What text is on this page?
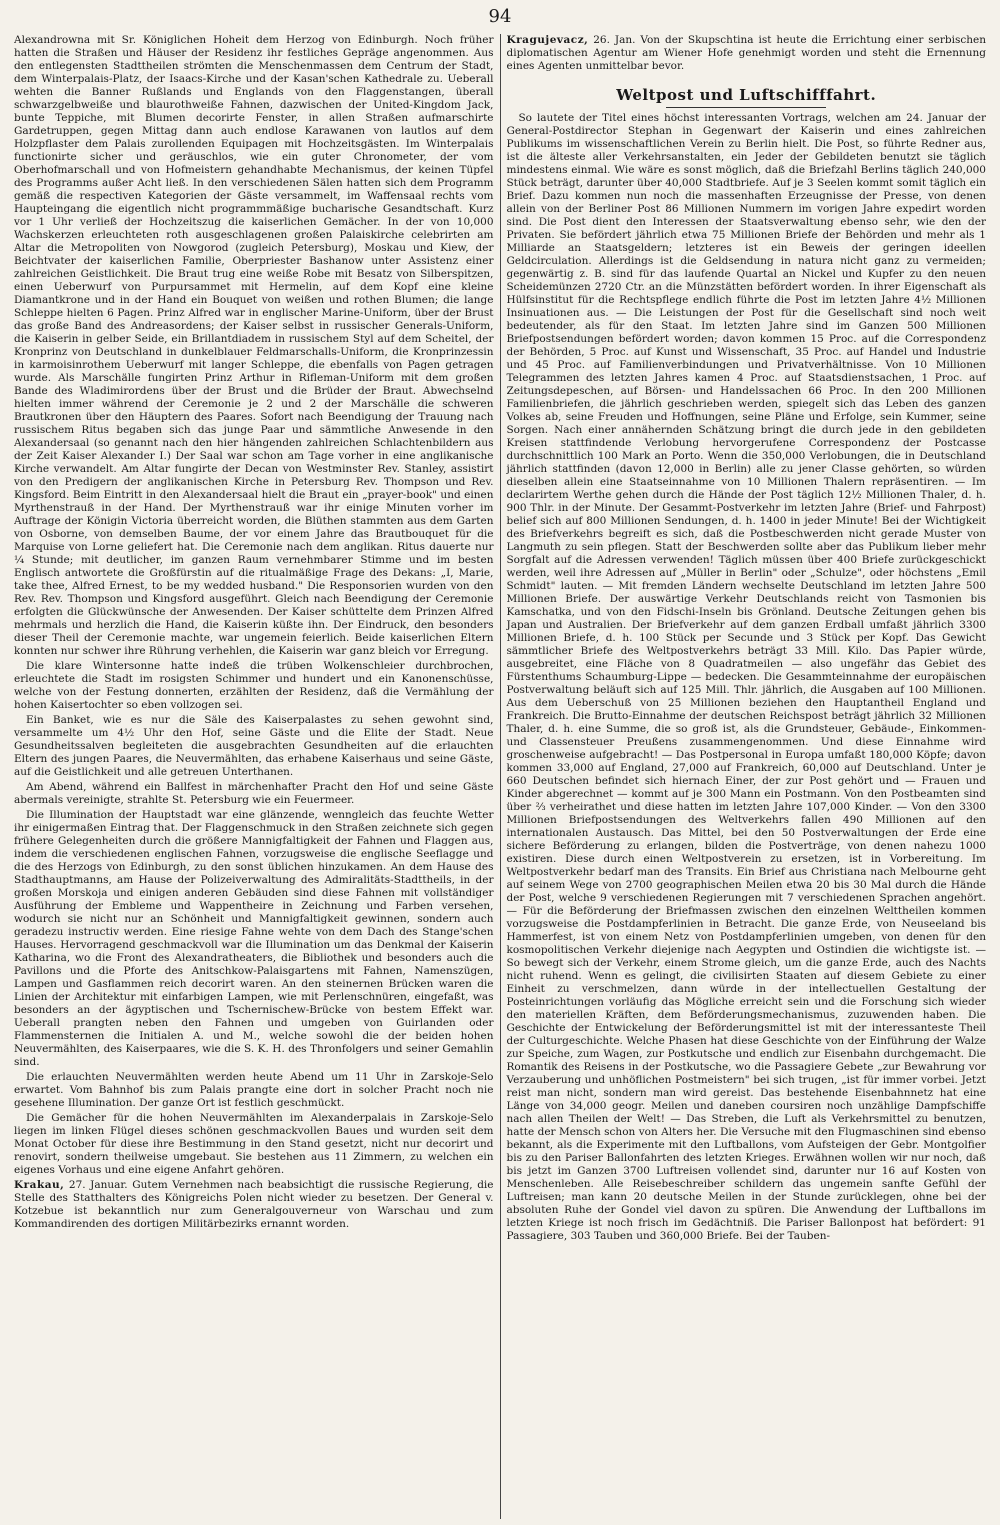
94

Alexandrowna mit Sr. Königlichen Hoheit dem Herzog von Edinburgh. Noch früher hatten die Straßen und Häuser der Residenz ihr festliches Gepräge angenommen. Aus den entlegensten Stadttheilen strömten die Menschenmassen dem Centrum der Stadt, dem Winterpalais-Platz, der Isaacs-Kirche und der Kasan'schen Kathedrale zu. Ueberall wehten die Banner Rußlands und Englands von den Flaggenstangen, überall schwarzgelbweiße und blaurothweiße Fahnen, dazwischen der United-Kingdom Jack, bunte Teppiche, mit Blumen decorirte Fenster, in allen Straßen aufmarschirte Gardetruppen, gegen Mittag dann auch endlose Karawanen von lautlos auf dem Holzpflaster dem Palais zurollenden Equipagen mit Hochzeitsgästen. Im Winterpalais functionirte sicher und geräuschlos, wie ein guter Chronometer, der vom Oberhofmarschall und von Hofmeistern gehandhabte Mechanismus, der keinen Tüpfel des Programms außer Acht ließ. In den verschiedenen Sälen hatten sich dem Programm gemäß die respectiven Kategorien der Gäste versammelt, im Waffensaal rechts vom Haupteingang die eigentlich nicht programmmäßige bucharische Gesandtschaft. Kurz vor 1 Uhr verließ der Hochzeitszug die kaiserlichen Gemächer. In der von 10,000 Wachskerzen erleuchteten roth ausgeschlagenen großen Palaiskirche celebrirten am Altar die Metropoliten von Nowgorod (zugleich Petersburg), Moskau und Kiew, der Beichtvater der kaiserlichen Familie, Oberpriester Bashanow unter Assistenz einer zahlreichen Geistlichkeit. Die Braut trug eine weiße Robe mit Besatz von Silberspitzen, einen Ueberwurf von Purpursammet mit Hermelin, auf dem Kopf eine kleine Diamantkrone und in der Hand ein Bouquet von weißen und rothen Blumen; die lange Schleppe hielten 6 Pagen. Prinz Alfred war in englischer Marine-Uniform, über der Brust das große Band des Andreasordens; der Kaiser selbst in russischer Generals-Uniform, die Kaiserin in gelber Seide, ein Brillantdiadem in russischem Styl auf dem Scheitel, der Kronprinz von Deutschland in dunkelblauer Feldmarschalls-Uniform, die Kronprinzessin in karmoisinrothem Ueberwurf mit langer Schleppe, die ebenfalls von Pagen getragen wurde. Als Marschälle fungirten Prinz Arthur in Rifleman-Uniform mit dem großen Bande des Wladimirordens über der Brust und die Brüder der Braut. Abwechselnd hielten immer während der Ceremonie je 2 und 2 der Marschälle die schweren Brautkronen über den Häuptern des Paares. Sofort nach Beendigung der Trauung nach russischem Ritus begaben sich das junge Paar und sämmtliche Anwesende in den Alexandersaal (so genannt nach den hier hängenden zahlreichen Schlachtenbildern aus der Zeit Kaiser Alexander I.) Der Saal war schon am Tage vorher in eine anglikanische Kirche verwandelt. Am Altar fungirte der Decan von Westminster Rev. Stanley, assistirt von den Predigern der anglikanischen Kirche in Petersburg Rev. Thompson und Rev. Kingsford. Beim Eintritt in den Alexandersaal hielt die Braut ein „prayer-book" und einen Myrthenstrauß in der Hand. Der Myrthenstrauß war ihr einige Minuten vorher im Auftrage der Königin Victoria überreicht worden, die Blüthen stammten aus dem Garten von Osborne, von demselben Baume, der vor einem Jahre das Brautbouquet für die Marquise von Lorne geliefert hat. Die Ceremonie nach dem anglikan. Ritus dauerte nur ¼ Stunde; mit deutlicher, im ganzen Raum vernehmbarer Stimme und im besten Englisch antwortete die Großfürstin auf die ritualmäßige Frage des Dekans: „I, Marie, take thee, Alfred Ernest, to be my wedded husband." Die Responsorien wurden von den Rev. Rev. Thompson und Kingsford ausgeführt. Gleich nach Beendigung der Ceremonie erfolgten die Glückwünsche der Anwesenden. Der Kaiser schüttelte dem Prinzen Alfred mehrmals und herzlich die Hand, die Kaiserin küßte ihn. Der Eindruck, den besonders dieser Theil der Ceremonie machte, war ungemein feierlich. Beide kaiserlichen Eltern konnten nur schwer ihre Rührung verhehlen, die Kaiserin war ganz bleich vor Erregung.

Die klare Wintersonne hatte indeß die trüben Wolkenschleier durchbrochen, erleuchtete die Stadt im rosigsten Schimmer und hundert und ein Kanonenschüsse, welche von der Festung donnerten, erzählten der Residenz, daß die Vermählung der hohen Kaisertochter so eben vollzogen sei.

Ein Banket, wie es nur die Säle des Kaiserpalastes zu sehen gewohnt sind, versammelte um 4½ Uhr den Hof, seine Gäste und die Elite der Stadt. Neue Gesundheitssalven begleiteten die ausgebrachten Gesundheiten auf die erlauchten Eltern des jungen Paares, die Neuvermählten, das erhabene Kaiserhaus und seine Gäste, auf die Geistlichkeit und alle getreuen Unterthanen.

Am Abend, während ein Ballfest in märchenhafter Pracht den Hof und seine Gäste abermals vereinigte, strahlte St. Petersburg wie ein Feuermeer.

Die Illumination der Hauptstadt war eine glänzende, wenngleich das feuchte Wetter ihr einigermaßen Eintrag that. Der Flaggenschmuck in den Straßen zeichnete sich gegen frühere Gelegenheiten durch die größere Mannigfaltigkeit der Fahnen und Flaggen aus, indem die verschiedenen englischen Fahnen, vorzugsweise die englische Seeflagge und die des Herzogs von Edinburgh, zu den sonst üblichen hinzukamen. An dem Hause des Stadthauptmanns, am Hause der Polizeiverwaltung des Admiralitäts-Stadttheils, in der großen Morskoja und einigen anderen Gebäuden sind diese Fahnen mit vollständiger Ausführung der Embleme und Wappentheire in Zeichnung und Farben versehen, wodurch sie nicht nur an Schönheit und Mannigfaltigkeit gewinnen, sondern auch geradezu instructiv werden. Eine riesige Fahne wehte von dem Dach des Stange'schen Hauses. Hervorragend geschmackvoll war die Illumination um das Denkmal der Kaiserin Katharina, wo die Front des Alexandratheaters, die Bibliothek und besonders auch die Pavillons und die Pforte des Anitschkow-Palaisgartens mit Fahnen, Namenszügen, Lampen und Gasflammen reich decorirt waren. An den steinernen Brücken waren die Linien der Architektur mit einfarbigen Lampen, wie mit Perlenschnüren, eingefaßt, was besonders an der ägyptischen und Tschernischew-Brücke von bestem Effekt war. Ueberall prangten neben den Fahnen und umgeben von Guirlanden oder Flammensternen die Initialen A. und M., welche sowohl die der beiden hohen Neuvermählten, des Kaiserpaares, wie die S. K. H. des Thronfolgers und seiner Gemahlin sind.

Die erlauchten Neuvermählten werden heute Abend um 11 Uhr in Zarskoje-Selo erwartet. Vom Bahnhof bis zum Palais prangte eine dort in solcher Pracht noch nie gesehene Illumination. Der ganze Ort ist festlich geschmückt.

Die Gemächer für die hohen Neuvermählten im Alexanderpalais in Zarskoje-Selo liegen im linken Flügel dieses schönen geschmackvollen Baues und wurden seit dem Monat October für diese ihre Bestimmung in den Stand gesetzt, nicht nur decorirt und renovirt, sondern theilweise umgebaut. Sie bestehen aus 11 Zimmern, zu welchen ein eigenes Vorhaus und eine eigene Anfahrt gehören.

Krakau, 27. Januar. Gutem Vernehmen nach beabsichtigt die russische Regierung, die Stelle des Statthalters des Königreichs Polen nicht wieder zu besetzen. Der General v. Kotzebue ist bekanntlich nur zum Generalgouverneur von Warschau und zum Kommandirenden des dortigen Militärbezirks ernannt worden.

Kragujevacz, 26. Jan. Von der Skupschtina ist heute die Errichtung einer serbischen diplomatischen Agentur am Wiener Hofe genehmigt worden und steht die Ernennung eines Agenten unmittelbar bevor.

Weltpost und Luftschifffahrt.

So lautete der Titel eines höchst interessanten Vortrags, welchen am 24. Januar der General-Postdirector Stephan in Gegenwart der Kaiserin und eines zahlreichen Publikums im wissenschaftlichen Verein zu Berlin hielt. Die Post, so führte Redner aus, ist die älteste aller Verkehrsanstalten, ein Jeder der Gebildeten benutzt sie täglich mindestens einmal. Wie wäre es sonst möglich, daß die Briefzahl Berlins täglich 240,000 Stück beträgt, darunter über 40,000 Stadtbriefe. Auf je 3 Seelen kommt somit täglich ein Brief. Dazu kommen nun noch die massenhaften Erzeugnisse der Presse, von denen allein von der Berliner Post 86 Millionen Nummern im vorigen Jahre expedirt worden sind. Die Post dient den Interessen der Staatsverwaltung ebenso sehr, wie den der Privaten. Sie befördert jährlich etwa 75 Millionen Briefe der Behörden und mehr als 1 Milliarde an Staatsgeldern; letzteres ist ein Beweis der geringen ideellen Geldcirculation. Allerdings ist die Geldsendung in natura nicht ganz zu vermeiden; gegenwärtig z. B. sind für das laufende Quartal an Nickel und Kupfer zu den neuen Scheidemünzen 2720 Ctr. an die Münzstätten befördert worden. In ihrer Eigenschaft als Hülfsinstitut für die Rechtspflege endlich führte die Post im letzten Jahre 4½ Millionen Insinuationen aus. — Die Leistungen der Post für die Gesellschaft sind noch weit bedeutender, als für den Staat. Im letzten Jahre sind im Ganzen 500 Millionen Briefpostsendungen befördert worden; davon kommen 15 Proc. auf die Correspondenz der Behörden, 5 Proc. auf Kunst und Wissenschaft, 35 Proc. auf Handel und Industrie und 45 Proc. auf Familienverbindungen und Privatverhältnisse. Von 10 Millionen Telegrammen des letzten Jahres kamen 4 Proc. auf Staatsdienstsachen, 1 Proc. auf Zeitungsdepeschen, auf Börsen- und Handelssachen 66 Proc. In den 200 Millionen Familienbriefen, die jährlich geschrieben werden, spiegelt sich das Leben des ganzen Volkes ab, seine Freuden und Hoffnungen, seine Pläne und Erfolge, sein Kummer, seine Sorgen. Nach einer annähernden Schätzung bringt die durch jede in den gebildeten Kreisen stattfindende Verlobung hervorgerufene Correspondenz der Postcasse durchschnittlich 100 Mark an Porto. Wenn die 350,000 Verlobungen, die in Deutschland jährlich stattfinden (davon 12,000 in Berlin) alle zu jener Classe gehörten, so würden dieselben allein eine Staatseinnahme von 10 Millionen Thalern repräsentiren. — Im declarirtem Werthe gehen durch die Hände der Post täglich 12½ Millionen Thaler, d. h. 900 Thlr. in der Minute. Der Gesammt-Postverkehr im letzten Jahre (Brief- und Fahrpost) belief sich auf 800 Millionen Sendungen, d. h. 1400 in jeder Minute! Bei der Wichtigkeit des Briefverkehrs begreift es sich, daß die Postbeschwerden nicht gerade Muster von Langmuth zu sein pflegen. Statt der Beschwerden sollte aber das Publikum lieber mehr Sorgfalt auf die Adressen verwenden! Täglich müssen über 400 Briefe zurückgeschickt werden, weil ihre Adressen auf „Müller in Berlin" oder „Schulze", oder höchstens „Emil Schmidt" lauten. — Mit fremden Ländern wechselte Deutschland im letzten Jahre 500 Millionen Briefe. Der auswärtige Verkehr Deutschlands reicht von Tasmonien bis Kamschatka, und von den Fidschi-Inseln bis Grönland. Deutsche Zeitungen gehen bis Japan und Australien. Der Briefverkehr auf dem ganzen Erdball umfaßt jährlich 3300 Millionen Briefe, d. h. 100 Stück per Secunde und 3 Stück per Kopf. Das Gewicht sämmtlicher Briefe des Weltpostverkehrs beträgt 33 Mill. Kilo. Das Papier würde, ausgebreitet, eine Fläche von 8 Quadratmeilen — also ungefähr das Gebiet des Fürstenthums Schaumburg-Lippe — bedecken. Die Gesammteinnahme der europäischen Postverwaltung beläuft sich auf 125 Mill. Thlr. jährlich, die Ausgaben auf 100 Millionen. Aus dem Ueberschuß von 25 Millionen beziehen den Hauptantheil England und Frankreich. Die Brutto-Einnahme der deutschen Reichspost beträgt jährlich 32 Millionen Thaler, d. h. eine Summe, die so groß ist, als die Grundsteuer, Gebäude-, Einkommen- und Classensteuer Preußens zusammengenommen. Und diese Einnahme wird groschenweise aufgebracht! — Das Postpersonal in Europa umfaßt 180,000 Köpfe; davon kommen 33,000 auf England, 27,000 auf Frankreich, 60,000 auf Deutschland. Unter je 660 Deutschen befindet sich hiernach Einer, der zur Post gehört und — Frauen und Kinder abgerechnet — kommt auf je 300 Mann ein Postmann. Von den Postbeamten sind über ⅔ verheirathet und diese hatten im letzten Jahre 107,000 Kinder. — Von den 3300 Millionen Briefpostsendungen des Weltverkehrs fallen 490 Millionen auf den internationalen Austausch. Das Mittel, bei den 50 Postverwaltungen der Erde eine sichere Beförderung zu erlangen, bilden die Postverträge, von denen nahezu 1000 existiren. Diese durch einen Weltpostverein zu ersetzen, ist in Vorbereitung. Im Weltpostverkehr bedarf man des Transits. Ein Brief aus Christiana nach Melbourne geht auf seinem Wege von 2700 geographischen Meilen etwa 20 bis 30 Mal durch die Hände der Post, welche 9 verschiedenen Regierungen mit 7 verschiedenen Sprachen angehört. — Für die Beförderung der Briefmassen zwischen den einzelnen Welttheilen kommen vorzugsweise die Postdampferlinien in Betracht. Die ganze Erde, von Neuseeland bis Hammerfest, ist von einem Netz von Postdampferlinien umgeben, von denen für den kosmopolitischen Verkehr diejenige nach Aegypten und Ostindien die wichtigste ist. — So bewegt sich der Verkehr, einem Strome gleich, um die ganze Erde, auch des Nachts nicht ruhend. Wenn es gelingt, die civilisirten Staaten auf diesem Gebiete zu einer Einheit zu verschmelzen, dann würde in der intellectuellen Gestaltung der Posteinrichtungen vorläufig das Mögliche erreicht sein und die Forschung sich wieder den materiellen Kräften, dem Beförderungsmechanismus, zuzuwenden haben. Die Geschichte der Entwickelung der Beförderungsmittel ist mit der interessanteste Theil der Culturgeschichte. Welche Phasen hat diese Geschichte von der Einführung der Walze zur Speiche, zum Wagen, zur Postkutsche und endlich zur Eisenbahn durchgemacht. Die Romantik des Reisens in der Postkutsche, wo die Passagiere Gebete „zur Bewahrung vor Verzauberung und unhöflichen Postmeistern" bei sich trugen, „ist für immer vorbei. Jetzt reist man nicht, sondern man wird gereist. Das bestehende Eisenbahnnetz hat eine Länge von 34,000 geogr. Meilen und daneben coursiren noch unzählige Dampfschiffe nach allen Theilen der Welt! — Das Streben, die Luft als Verkehrsmittel zu benutzen, hatte der Mensch schon von Alters her. Die Versuche mit den Flugmaschinen sind ebenso bekannt, als die Experimente mit den Luftballons, vom Aufsteigen der Gebr. Montgolfier bis zu den Pariser Ballonfahrten des letzten Krieges. Erwähnen wollen wir nur noch, daß bis jetzt im Ganzen 3700 Luftreisen vollendet sind, darunter nur 16 auf Kosten von Menschenleben. Alle Reisebeschreiber schildern das ungemein sanfte Gefühl der Luftreisen; man kann 20 deutsche Meilen in der Stunde zurücklegen, ohne bei der absoluten Ruhe der Gondel viel davon zu spüren. Die Anwendung der Luftballons im letzten Kriege ist noch frisch im Gedächtniß. Die Pariser Ballonpost hat befördert: 91 Passagiere, 303 Tauben und 360,000 Briefe. Bei der Tauben-
